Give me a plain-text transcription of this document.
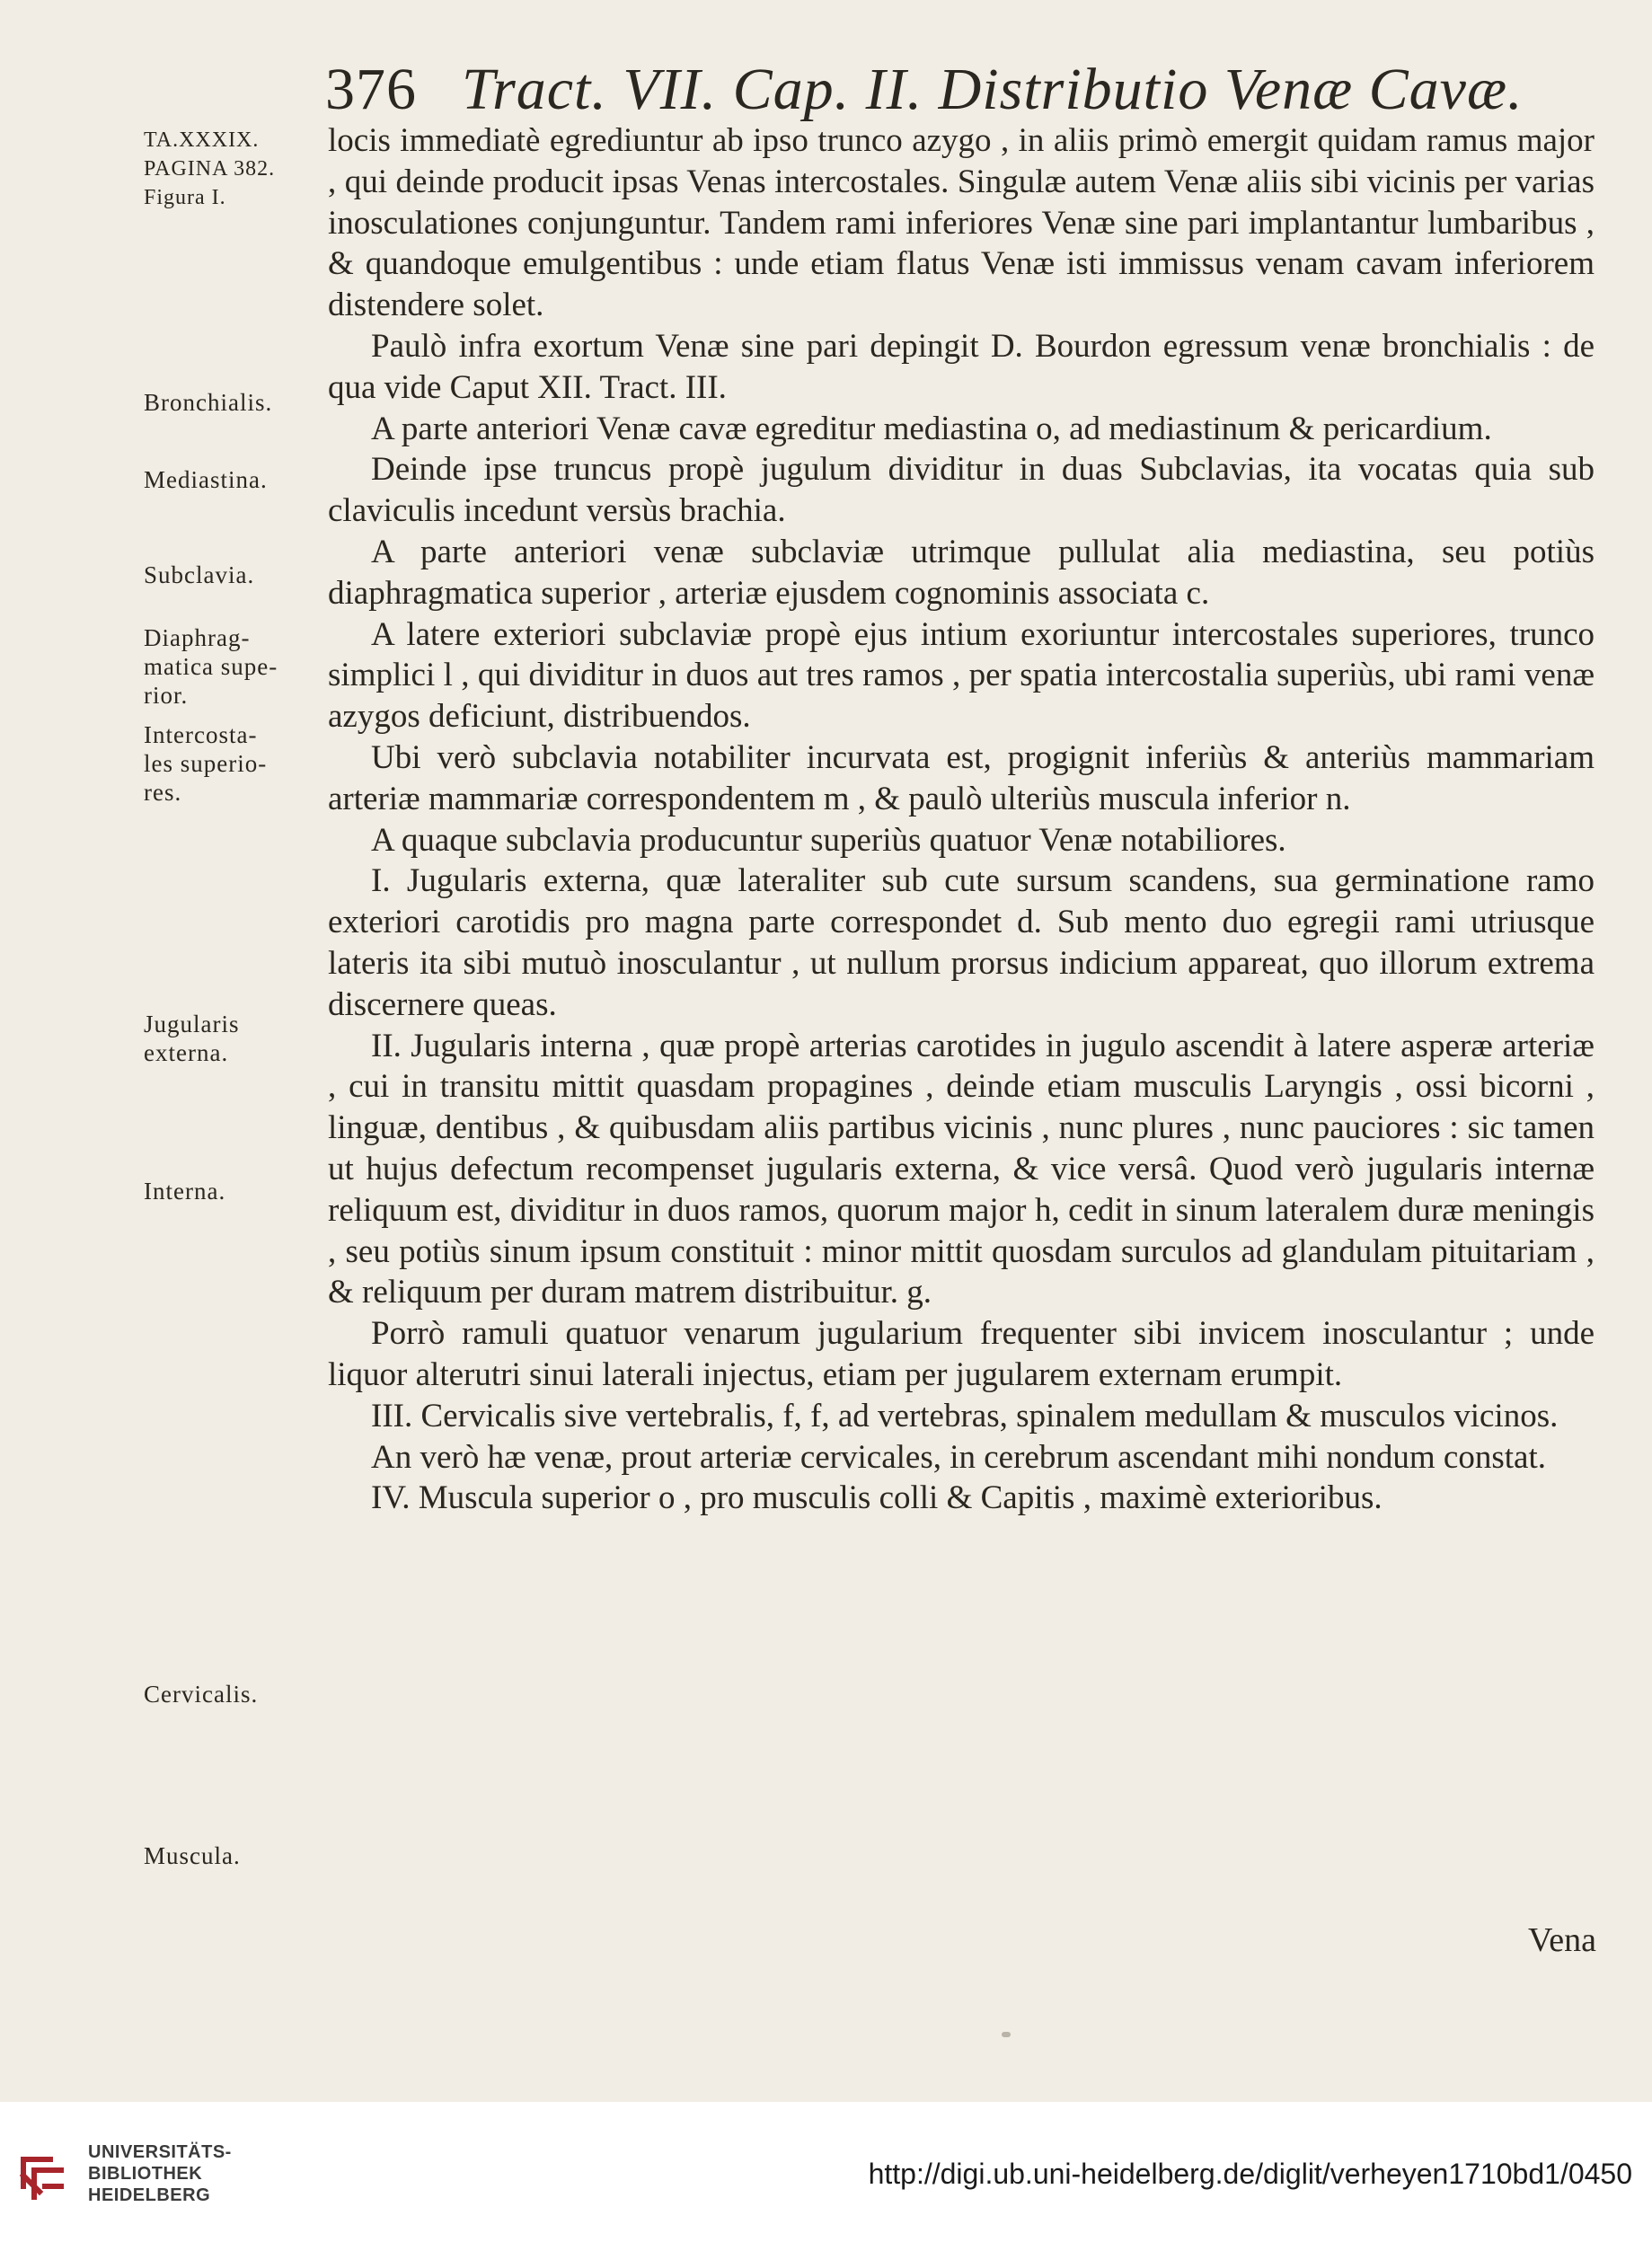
376 Tract. VII. Cap. II. Distributio Venæ Cavæ.
TA.XXXIX.
PAGINA 382.
Figura I.
Bronchialis.
Mediastina.
Subclavia.
Diaphrag-
matica supe-
rior.
Intercosta-
les superio-
res.
Jugularis
externa.
Interna.
Cervicalis.
Muscula.

locis immediatè egrediuntur ab ipso trunco azygo , in aliis primò emergit quidam ramus major , qui deinde producit ipsas Venas intercostales. Singulæ autem Venæ aliis sibi vicinis per varias inosculationes conjunguntur. Tandem rami inferiores Venæ sine pari implantantur lumbaribus , & quandoque emulgentibus : unde etiam flatus Venæ isti immissus venam cavam inferiorem distendere solet.

Paulò infra exortum Venæ sine pari depingit D. Bourdon egressum venæ bronchialis : de qua vide Caput XII. Tract. III.

A parte anteriori Venæ cavæ egreditur mediastina o, ad mediastinum & pericardium.

Deinde ipse truncus propè jugulum dividitur in duas Subclavias, ita vocatas quia sub claviculis incedunt versùs brachia.

A parte anteriori venæ subclaviæ utrimque pullulat alia mediastina, seu potiùs diaphragmatica superior , arteriæ ejusdem cognominis associata c.

A latere exteriori subclaviæ propè ejus intium exoriuntur intercostales superiores, trunco simplici l , qui dividitur in duos aut tres ramos , per spatia intercostalia superiùs, ubi rami venæ azygos deficiunt, distribuendos.

Ubi verò subclavia notabiliter incurvata est, progignit inferiùs & anteriùs mammariam arteriæ mammariæ correspondentem m , & paulò ulteriùs muscula inferior n.

A quaque subclavia producuntur superiùs quatuor Venæ notabiliores.

I. Jugularis externa, quæ lateraliter sub cute sursum scandens, sua germinatione ramo exteriori carotidis pro magna parte correspondet d. Sub mento duo egregii rami utriusque lateris ita sibi mutuò inosculantur , ut nullum prorsus indicium appareat, quo illorum extrema discernere queas.

II. Jugularis interna , quæ propè arterias carotides in jugulo ascendit à latere asperæ arteriæ , cui in transitu mittit quasdam propagines , deinde etiam musculis Laryngis , ossi bicorni , linguæ, dentibus , & quibusdam aliis partibus vicinis , nunc plures , nunc pauciores : sic tamen ut hujus defectum recompenset jugularis externa, & vice versâ. Quod verò jugularis internæ reliquum est, dividitur in duos ramos, quorum major h, cedit in sinum lateralem duræ meningis , seu potiùs sinum ipsum constituit : minor mittit quosdam surculos ad glandulam pituitariam , & reliquum per duram matrem distribuitur. g.

Porrò ramuli quatuor venarum jugularium frequenter sibi invicem inosculantur ; unde liquor alterutri sinui laterali injectus, etiam per jugularem externam erumpit.

III. Cervicalis sive vertebralis, f, f, ad vertebras, spinalem medullam & musculos vicinos.

An verò hæ venæ, prout arteriæ cervicales, in cerebrum ascendant mihi nondum constat.

IV. Muscula superior o , pro musculis colli & Capitis , maximè exterioribus.

Vena
UNIVERSITÄTS-
BIBLIOTHEK
HEIDELBERG
http://digi.ub.uni-heidelberg.de/diglit/verheyen1710bd1/0450
